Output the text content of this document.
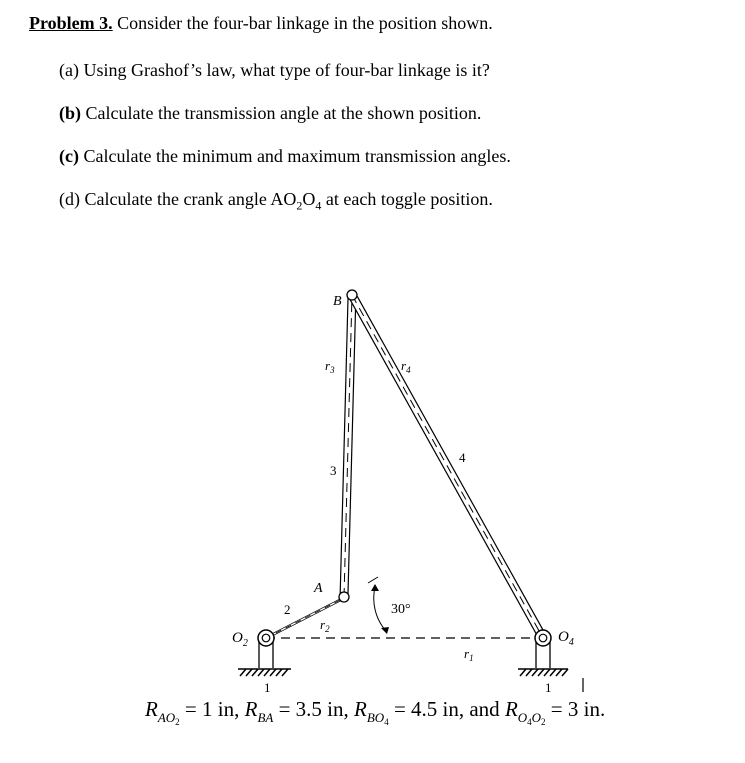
Problem 3. Consider the four-bar linkage in the position shown.
(a) Using Grashof’s law, what type of four-bar linkage is it?
(b) Calculate the transmission angle at the shown position.
(c) Calculate the minimum and maximum transmission angles.
(d) Calculate the crank angle $AO_2O_4$ at each toggle position.
B
A
$O_2$	$O_4$
$r_3$	$r_4$
$r_2$
$r_1$
3
4
2
1	1
30°
$R_{AO_2} = 1$ in, $R_{BA} = 3.5$ in, $R_{BO_4} = 4.5$ in, and $R_{O_4O_2} = 3$ in.
